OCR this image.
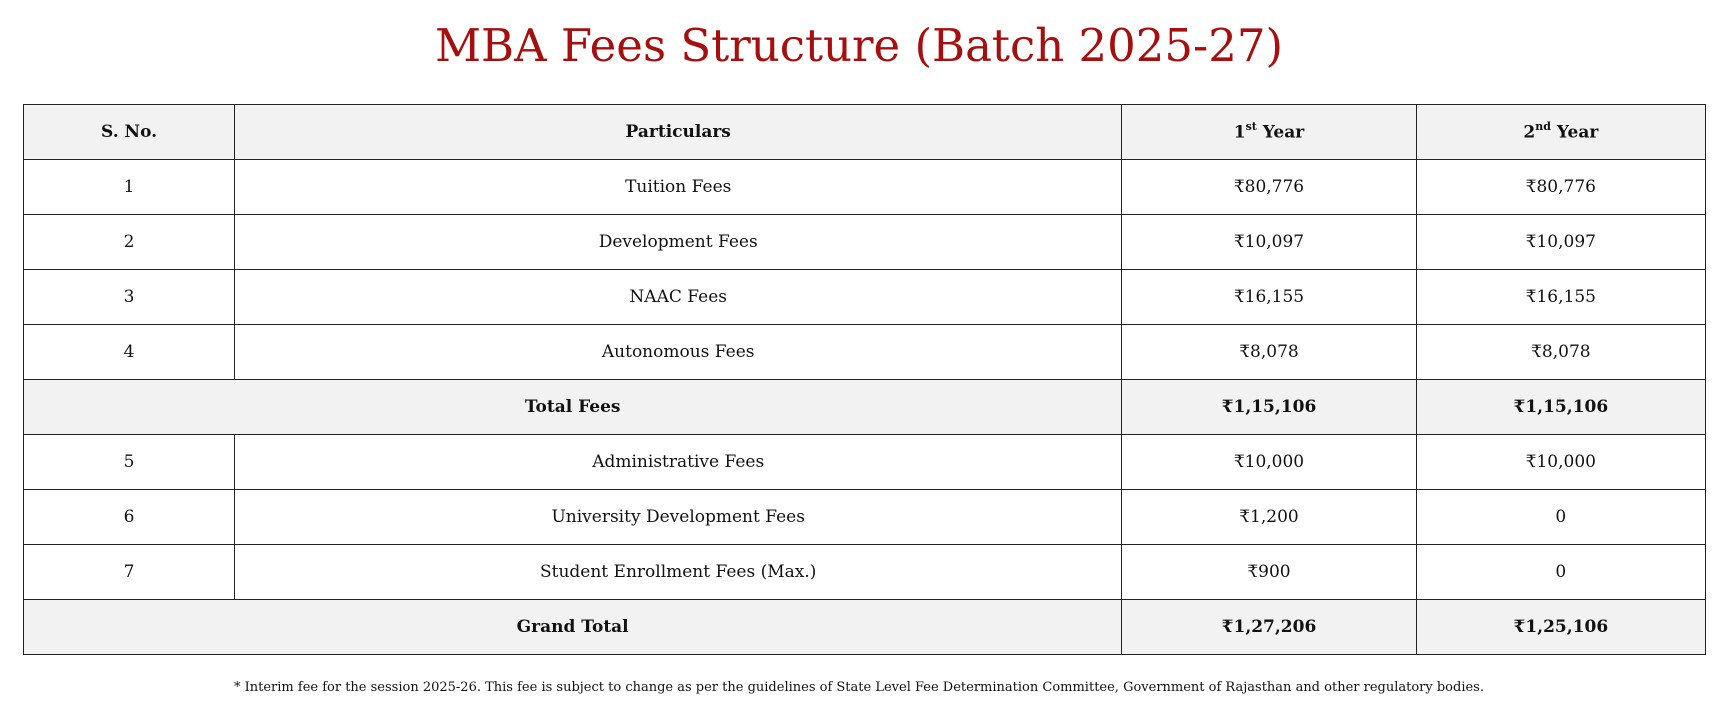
MBA Fees Structure (Batch 2025-27)
S. No.	Particulars	1st Year	2nd Year
1	Tuition Fees	₹80,776	₹80,776
2	Development Fees	₹10,097	₹10,097
3	NAAC Fees	₹16,155	₹16,155
4	Autonomous Fees	₹8,078	₹8,078
Total Fees		₹1,15,106	₹1,15,106
5	Administrative Fees	₹10,000	₹10,000
6	University Development Fees	₹1,200	0
7	Student Enrollment Fees (Max.)	₹900	0
Grand Total		₹1,27,206	₹1,25,106
* Interim fee for the session 2025-26. This fee is subject to change as per the guidelines of State Level Fee Determination Committee, Government of Rajasthan and other regulatory bodies.
